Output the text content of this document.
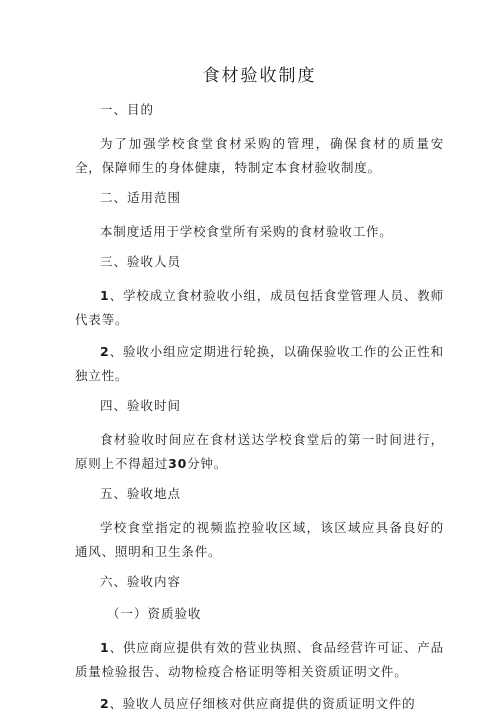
食材验收制度
一、目的

为了加强学校食堂食材采购的管理，确保食材的质量安全，保障师生的身体健康，特制定本食材验收制度。

二、适用范围

本制度适用于学校食堂所有采购的食材验收工作。

三、验收人员

1、学校成立食材验收小组，成员包括食堂管理人员、教师代表等。

2、验收小组应定期进行轮换，以确保验收工作的公正性和独立性。

四、验收时间

食材验收时间应在食材送达学校食堂后的第一时间进行，原则上不得超过30分钟。

五、验收地点

学校食堂指定的视频监控验收区域，该区域应具备良好的通风、照明和卫生条件。

六、验收内容
（一）资质验收

1、供应商应提供有效的营业执照、食品经营许可证、产品质量检验报告、动物检疫合格证明等相关资质证明文件。

2、验收人员应仔细核对供应商提供的资质证明文件的
